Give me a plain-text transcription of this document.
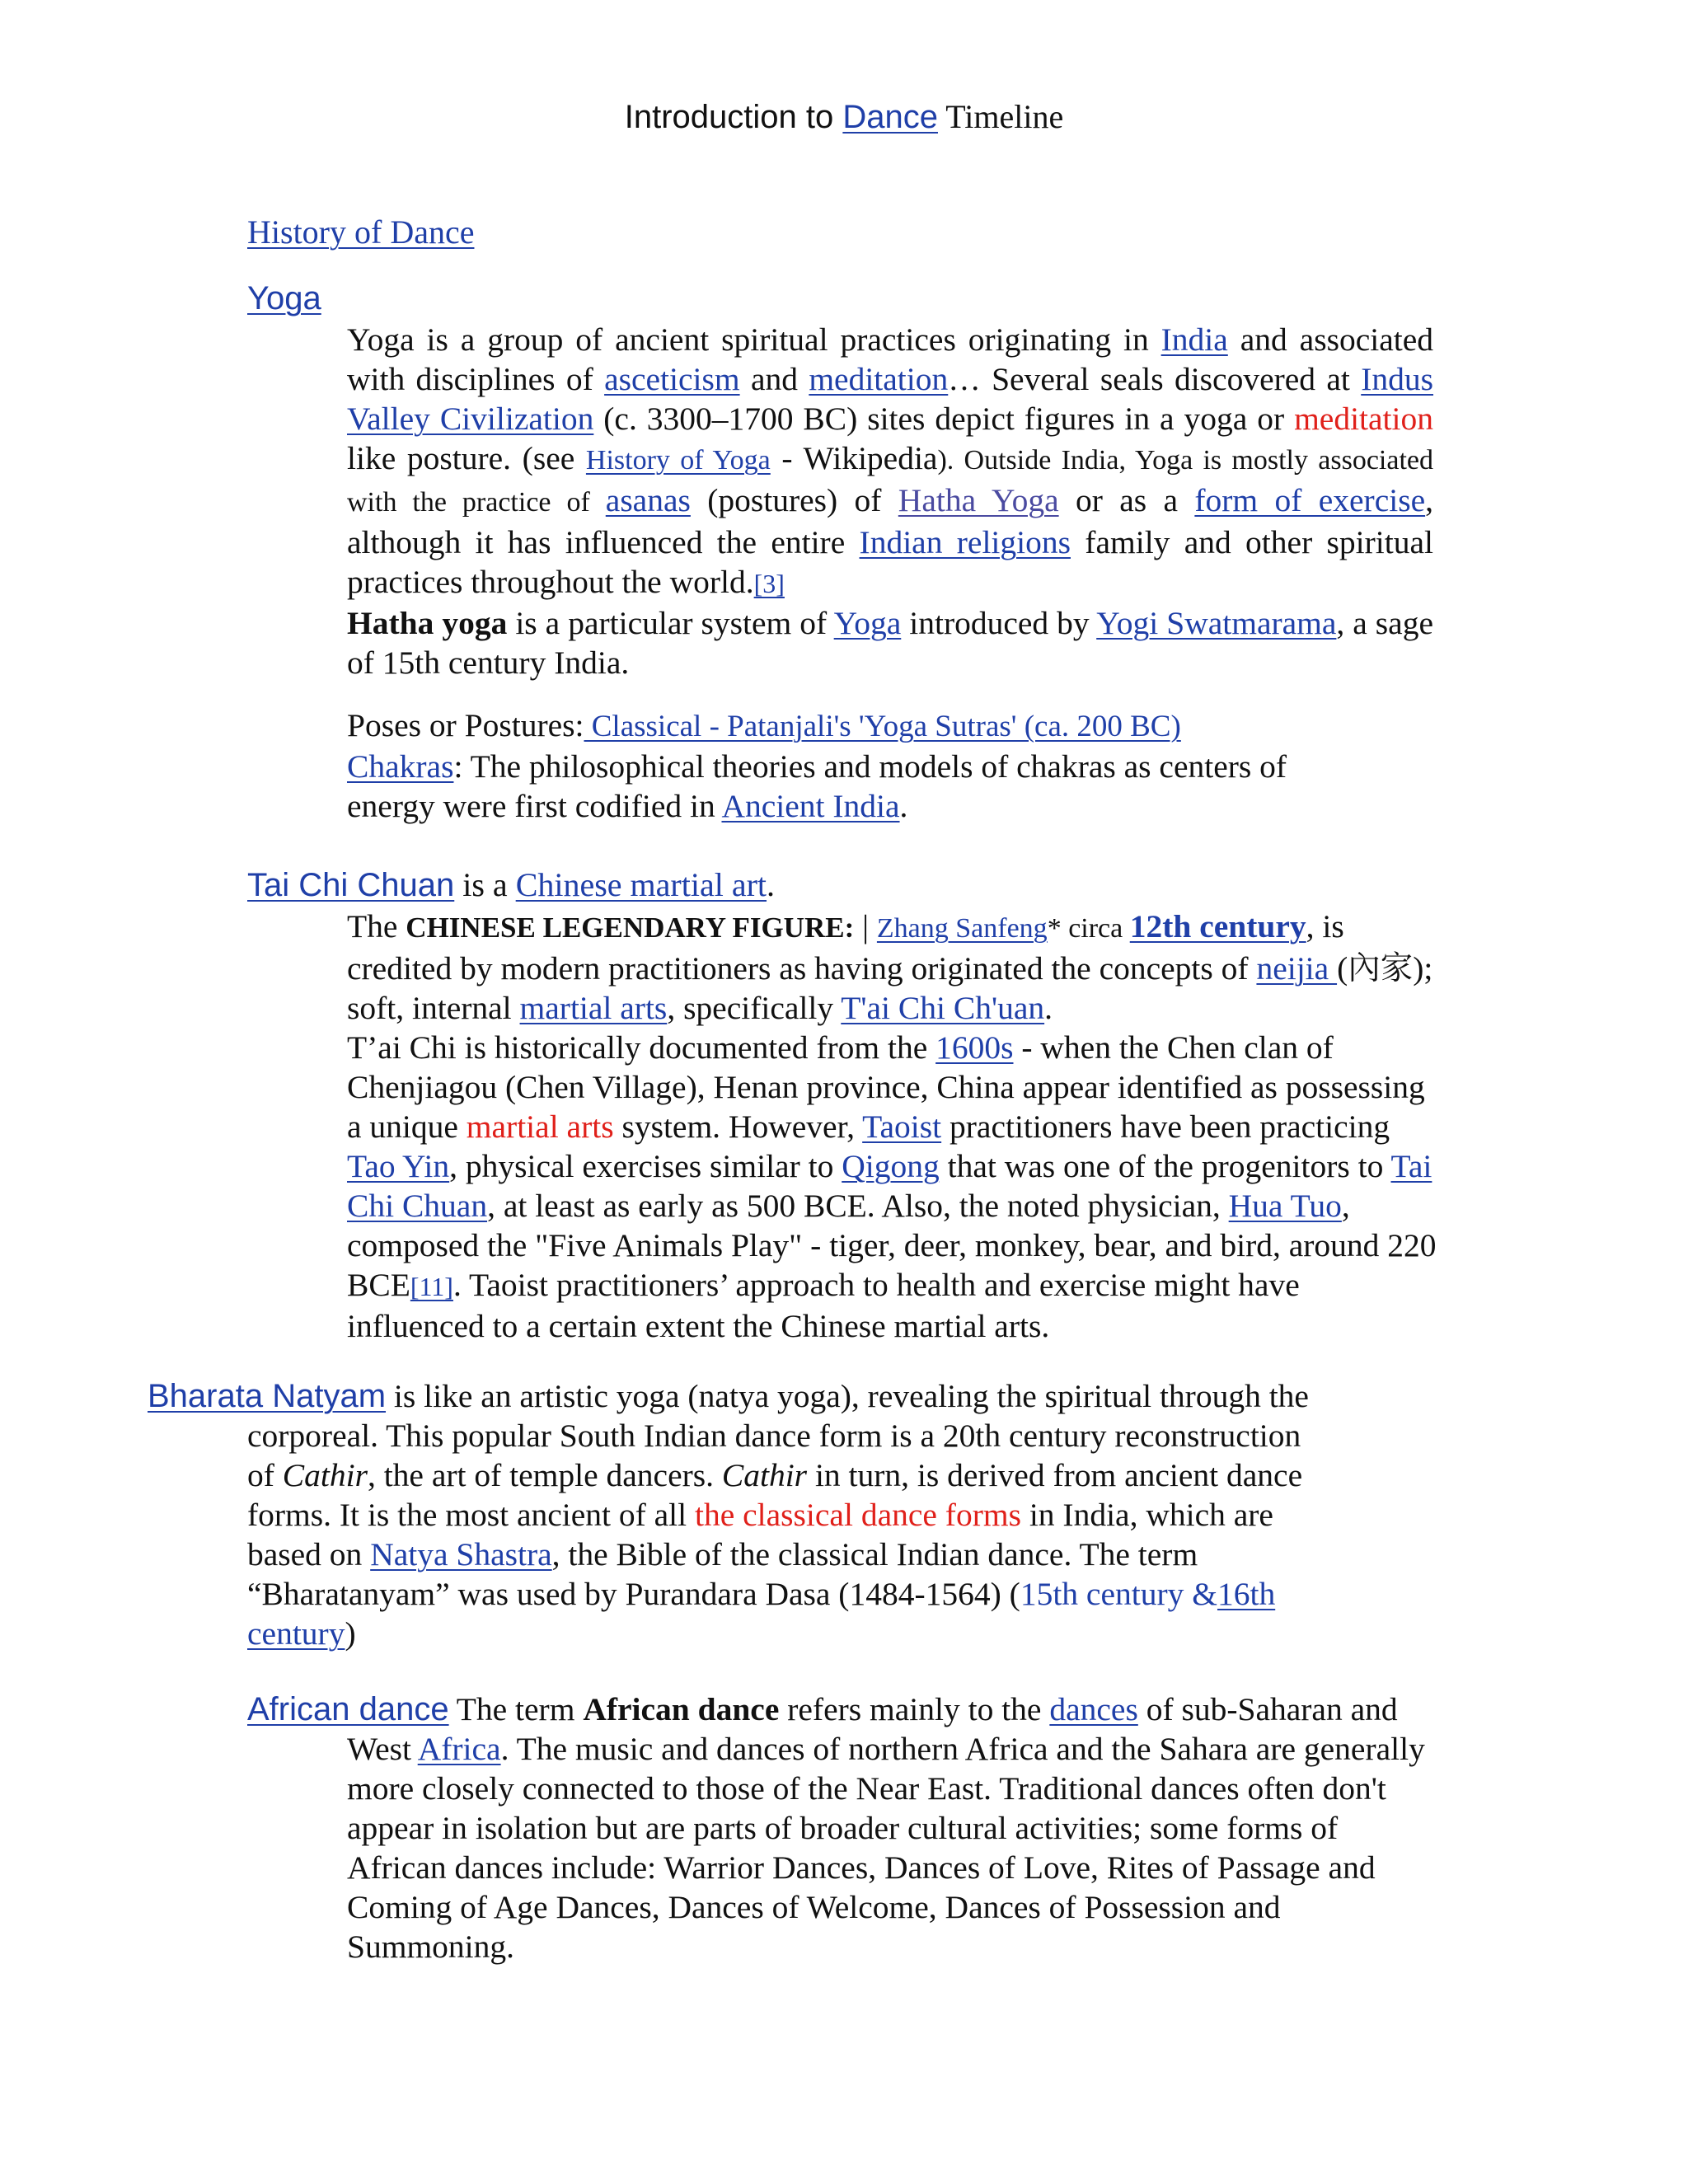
Introduction to Dance Timeline
History of Dance
Yoga

Yoga is a group of ancient spiritual practices originating in India and associated with disciplines of asceticism and meditation… Several seals discovered at Indus Valley Civilization (c. 3300–1700 BC) sites depict figures in a yoga or meditation like posture. (see History of Yoga - Wikipedia). Outside India, Yoga is mostly associated with the practice of asanas (postures) of Hatha Yoga or as a form of exercise, although it has influenced the entire Indian religions family and other spiritual practices throughout the world.[3]
Hatha yoga is a particular system of Yoga introduced by Yogi Swatmarama, a sage of 15th century India.

Poses or Postures: Classical - Patanjali's 'Yoga Sutras' (ca. 200 BC)
Chakras: The philosophical theories and models of chakras as centers of energy were first codified in Ancient India.

Tai Chi Chuan is a Chinese martial art.

The CHINESE LEGENDARY FIGURE: | Zhang Sanfeng* circa 12th century, is credited by modern practitioners as having originated the concepts of neijia (內家); soft, internal martial arts, specifically T'ai Chi Ch'uan.
T’ai Chi is historically documented from the 1600s - when the Chen clan of Chenjiagou (Chen Village), Henan province, China appear identified as possessing a unique martial arts system. However, Taoist practitioners have been practicing Tao Yin, physical exercises similar to Qigong that was one of the progenitors to Tai Chi Chuan, at least as early as 500 BCE. Also, the noted physician, Hua Tuo, composed the "Five Animals Play" - tiger, deer, monkey, bear, and bird, around 220 BCE[11]. Taoist practitioners’ approach to health and exercise might have influenced to a certain extent the Chinese martial arts.

Bharata Natyam is like an artistic yoga (natya yoga), revealing the spiritual through the corporeal. This popular South Indian dance form is a 20th century reconstruction of Cathir, the art of temple dancers. Cathir in turn, is derived from ancient dance forms. It is the most ancient of all the classical dance forms in India, which are based on Natya Shastra, the Bible of the classical Indian dance. The term “Bharatanyam” was used by Purandara Dasa (1484-1564) (15th century &16th century)

African dance The term African dance refers mainly to the dances of sub-Saharan and West Africa. The music and dances of northern Africa and the Sahara are generally more closely connected to those of the Near East. Traditional dances often don't appear in isolation but are parts of broader cultural activities; some forms of African dances include: Warrior Dances, Dances of Love, Rites of Passage and Coming of Age Dances, Dances of Welcome, Dances of Possession and Summoning.
